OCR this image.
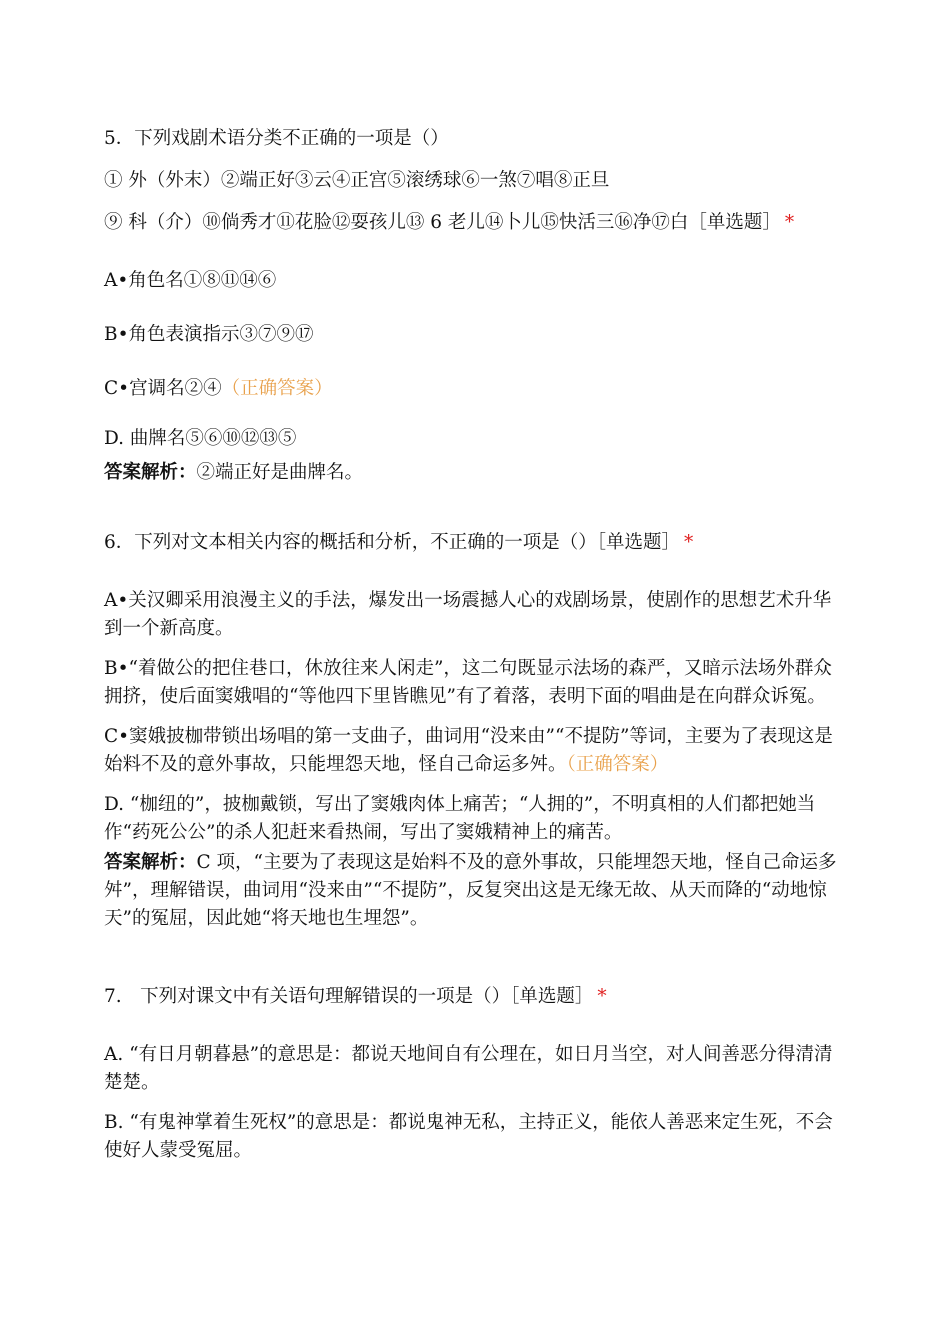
5．下列戏剧术语分类不正确的一项是（）

① 外（外末）②端正好③云④正宫⑤滚绣球⑥一煞⑦唱⑧正旦

⑨ 科（介）⑩倘秀才⑪花脸⑫耍孩儿⑬ 6 老儿⑭卜儿⑮快活三⑯净⑰白［单选题］ *

A•角色名①⑧⑪⑭⑥

B•角色表演指示③⑦⑨⑰

C•宫调名②④（正确答案）

D. 曲牌名⑤⑥⑩⑫⑬⑤

答案解析：②端正好是曲牌名。

6．下列对文本相关内容的概括和分析，不正确的一项是（）［单选题］ *

A•关汉卿采用浪漫主义的手法，爆发出一场震撼人心的戏剧场景，使剧作的思想艺术升华到一个新高度。

B•“着做公的把住巷口，休放往来人闲走”，这二句既显示法场的森严，又暗示法场外群众拥挤，使后面窦娥唱的“等他四下里皆瞧见”有了着落，表明下面的唱曲是在向群众诉冤。

C•窦娥披枷带锁出场唱的第一支曲子，曲词用“没来由”“不提防”等词，主要为了表现这是始料不及的意外事故，只能埋怨天地，怪自己命运多舛。（正确答案）

D. “枷纽的”，披枷戴锁，写出了窦娥肉体上痛苦；“人拥的”，不明真相的人们都把她当作“药死公公”的杀人犯赶来看热闹，写出了窦娥精神上的痛苦。

答案解析：C 项，“主要为了表现这是始料不及的意外事故，只能埋怨天地，怪自己命运多舛”，理解错误，曲词用“没来由”“不提防”，反复突出这是无缘无故、从天而降的“动地惊天”的冤屈，因此她“将天地也生埋怨”。

7.　下列对课文中有关语句理解错误的一项是（）［单选题］ *

A. “有日月朝暮悬”的意思是：都说天地间自有公理在，如日月当空，对人间善恶分得清清楚楚。

B. “有鬼神掌着生死权”的意思是：都说鬼神无私，主持正义，能依人善恶来定生死，不会使好人蒙受冤屈。
